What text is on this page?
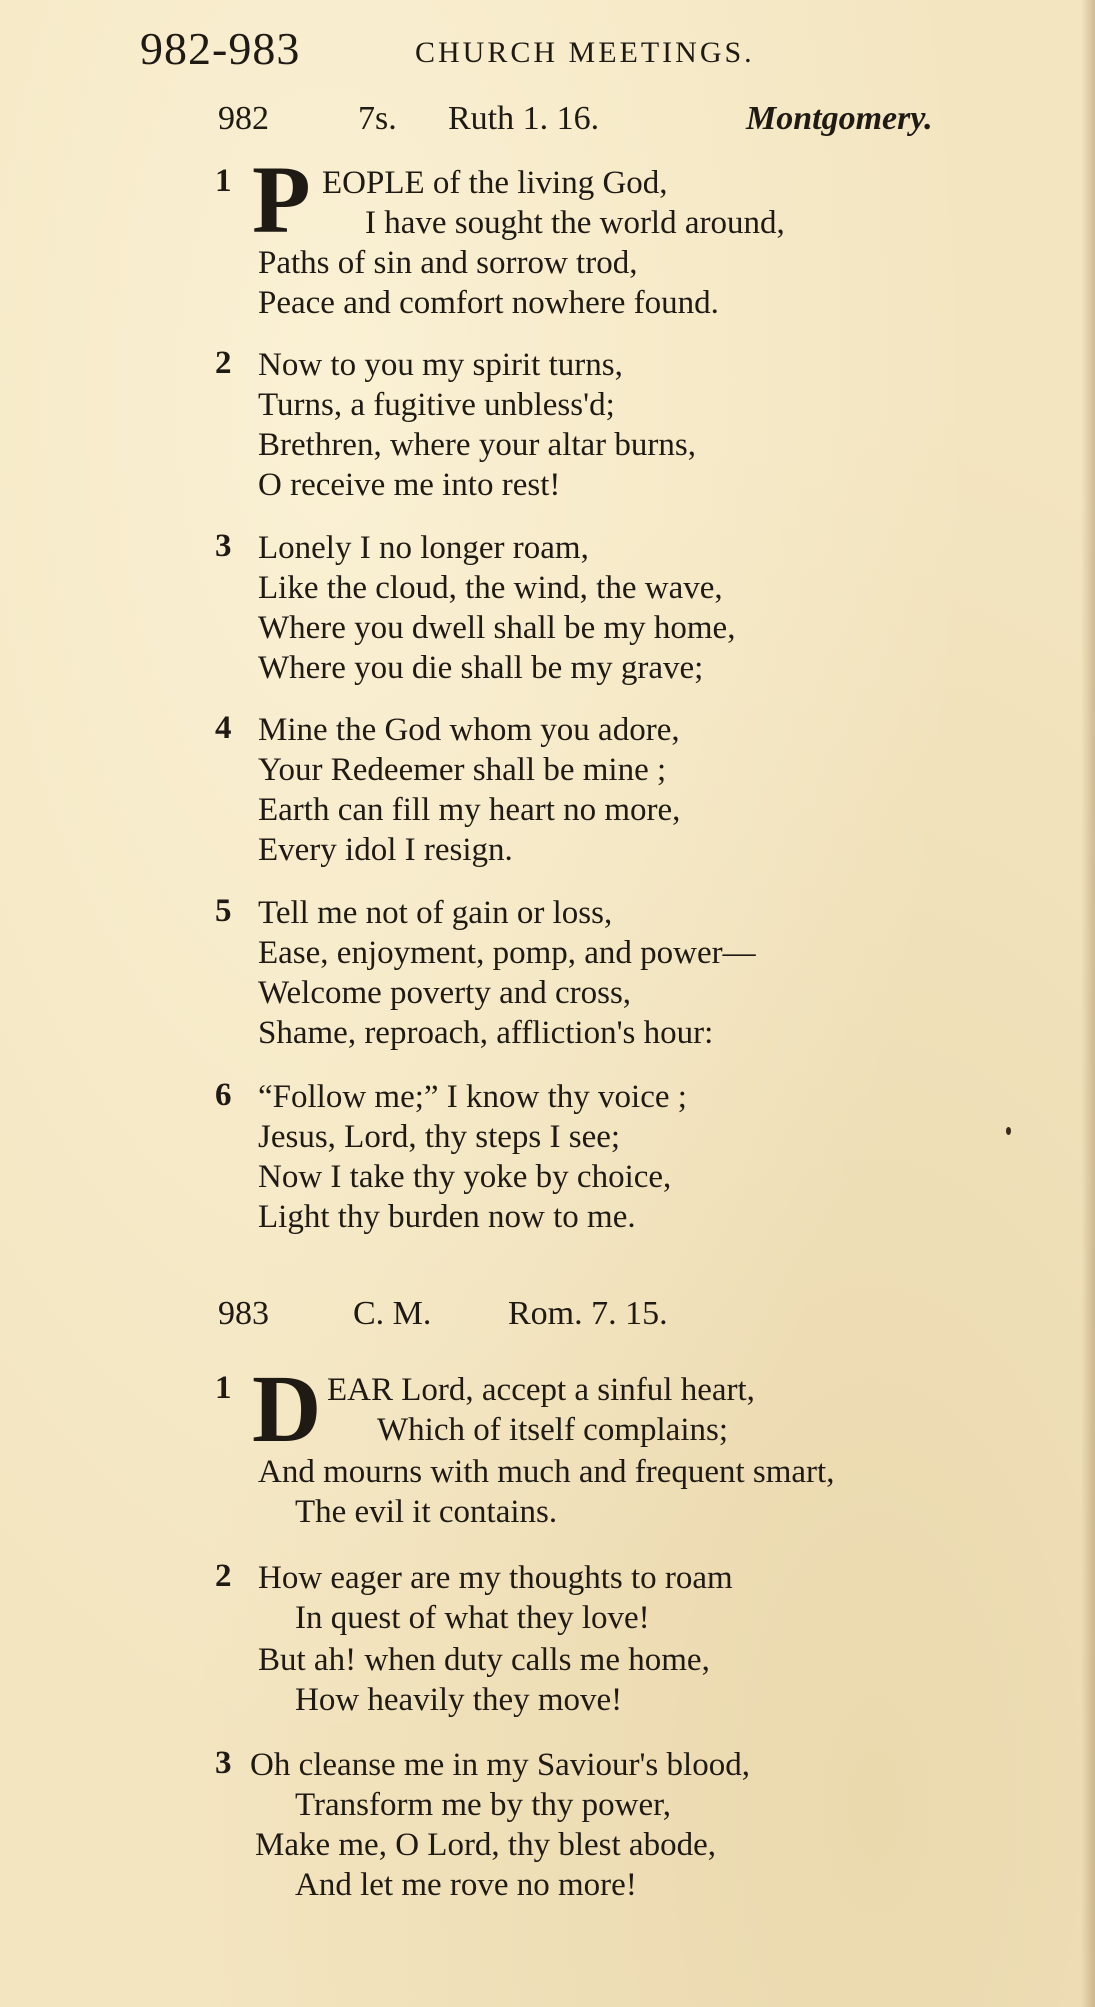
982-983	CHURCH MEETINGS.
982	7s. Ruth 1. 16.	Montgomery.
1 P EOPLE of the living God,
I have sought the world around,
Paths of sin and sorrow trod,
Peace and comfort nowhere found.
2 Now to you my spirit turns,
Turns, a fugitive unbless'd;
Brethren, where your altar burns,
O receive me into rest!
3 Lonely I no longer roam,
Like the cloud, the wind, the wave,
Where you dwell shall be my home,
Where you die shall be my grave;
4 Mine the God whom you adore,
Your Redeemer shall be mine ;
Earth can fill my heart no more,
Every idol I resign.
5 Tell me not of gain or loss,
Ease, enjoyment, pomp, and power—
Welcome poverty and cross,
Shame, reproach, affliction's hour:
6 “Follow me;” I know thy voice ;
Jesus, Lord, thy steps I see;
Now I take thy yoke by choice,
Light thy burden now to me.
983 C. M. Rom. 7. 15.
1 D EAR Lord, accept a sinful heart,
Which of itself complains;
And mourns with much and frequent smart,
The evil it contains.
2 How eager are my thoughts to roam
In quest of what they love!
But ah! when duty calls me home,
How heavily they move!
3 Oh cleanse me in my Saviour's blood,
Transform me by thy power,
Make me, O Lord, thy blest abode,
And let me rove no more!
